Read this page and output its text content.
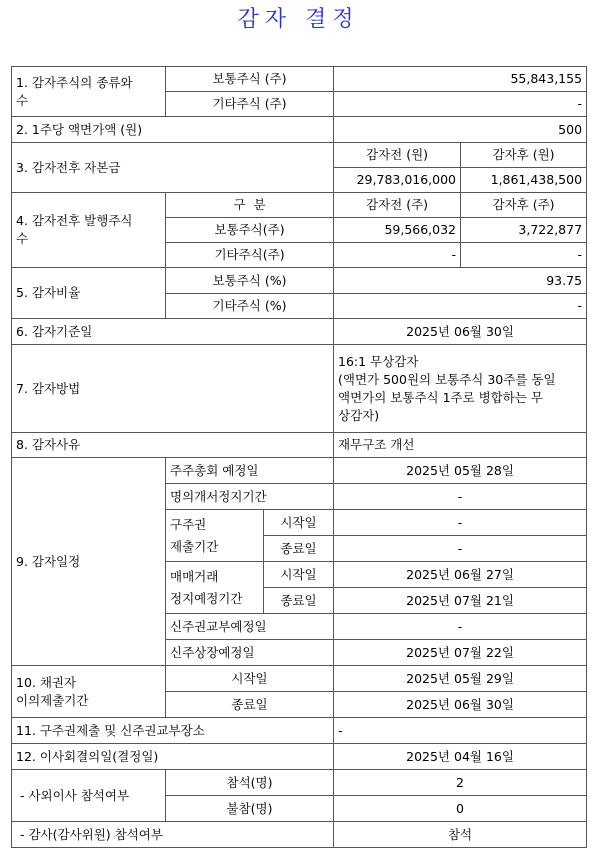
감자 결정
1. 감자주식의 종류와
수	보통주식 (주)		55,843,155	
	기타주식 (주)		-	
2. 1주당 액면가액 (원)			500	
3. 감자전후 자본금			감자전 (원)	감자후 (원)
			29,783,016,000	1,861,438,500
4. 감자전후 발행주식
수	구  분		감자전 (주)	감자후 (주)
	보통주식(주)		59,566,032	3,722,877
	기타주식(주)		-	-
5. 감자비율	보통주식 (%)		93.75	
	기타주식 (%)		-	
6. 감자기준일			2025년 06월 30일	
7. 감자방법			16:1 무상감자
(액면가 500원의 보통주식 30주를 동일
액면가의 보통주식 1주로 병합하는 무
상감자)	
8. 감자사유			재무구조 개선	
9. 감자일정	주주총회 예정일		2025년 05월 28일	
	명의개서정지기간		-	
	구주권
제출기간	시작일	-	
		종료일	-	
	매매거래
정지예정기간	시작일	2025년 06월 27일	
		종료일	2025년 07월 21일	
	신주권교부예정일		-	
	신주상장예정일		2025년 07월 22일	
10. 채권자
이의제출기간	시작일		2025년 05월 29일	
	종료일		2025년 06월 30일	
11. 구주권제출 및 신주권교부장소			-	
12. 이사회결의일(결정일)			2025년 04월 16일	
- 사외이사 참석여부	참석(명)		2	
	불참(명)		0	
- 감사(감사위원) 참석여부			참석	
